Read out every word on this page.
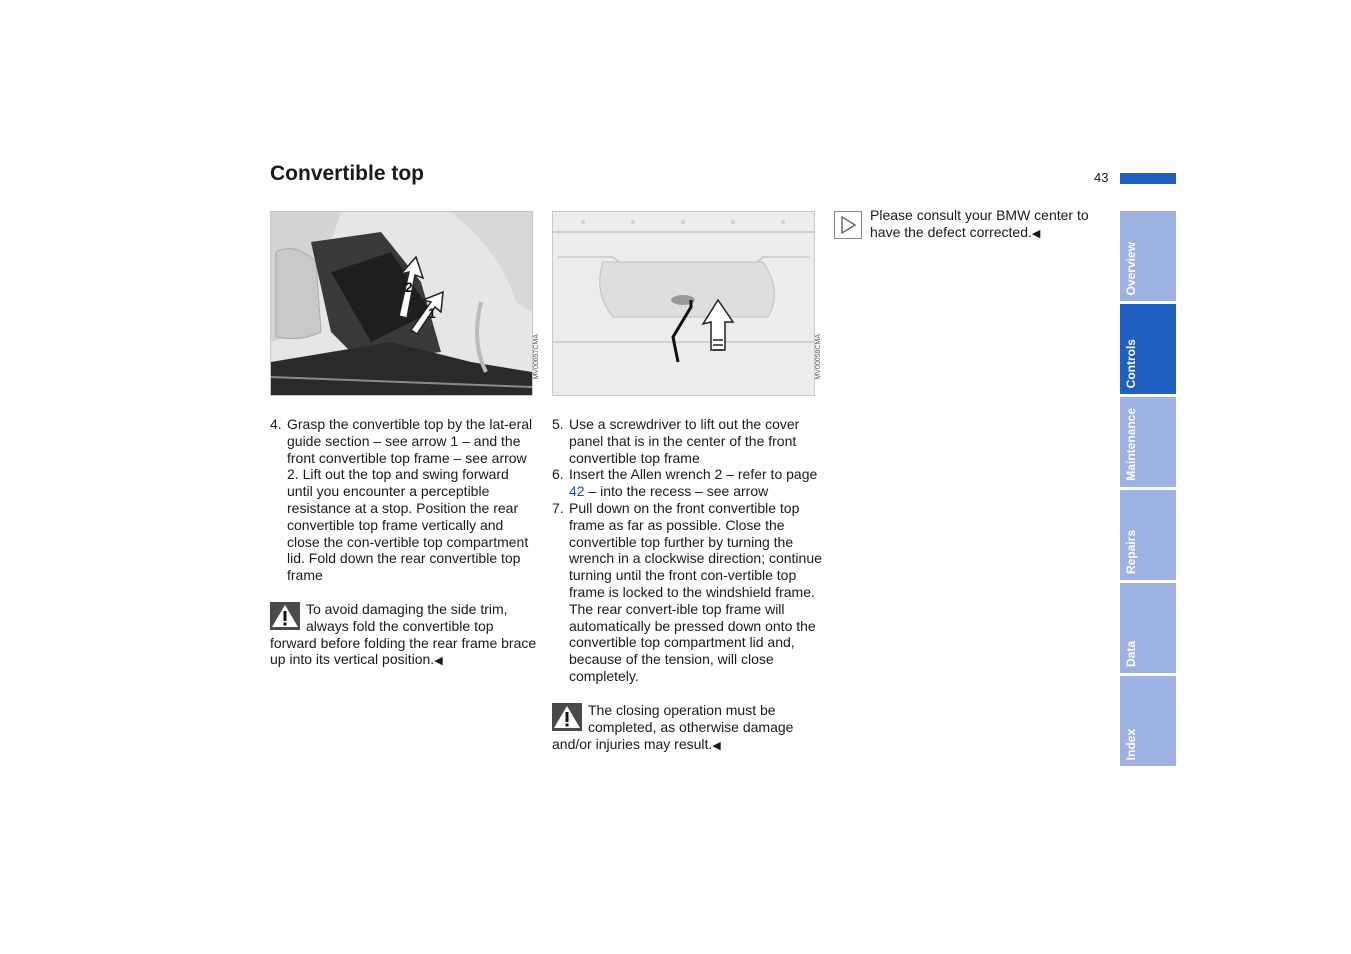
Convertible top	43
2
1
MV00057CMA	MV00058CMA
4. Grasp the convertible top by the lat-eral guide section – see arrow 1 – and the front convertible top frame – see arrow 2. Lift out the top and swing forward until you encounter a perceptible resistance at a stop. Position the rear convertible top frame vertically and close the con-vertible top compartment lid. Fold down the rear convertible top frame
To avoid damaging the side trim, always fold the convertible top forward before folding the rear frame brace up into its vertical position.◀
5. Use a screwdriver to lift out the cover panel that is in the center of the front convertible top frame
6. Insert the Allen wrench 2 – refer to page 42 – into the recess – see arrow
7. Pull down on the front convertible top frame as far as possible. Close the convertible top further by turning the wrench in a clockwise direction; continue turning until the front con-vertible top frame is locked to the windshield frame. The rear convert-ible top frame will automatically be pressed down onto the convertible top compartment lid and, because of the tension, will close completely.
The closing operation must be completed, as otherwise damage and/or injuries may result.◀
Please consult your BMW center to have the defect corrected.◀
Overview
Controls
Maintenance
Repairs
Data
Index
